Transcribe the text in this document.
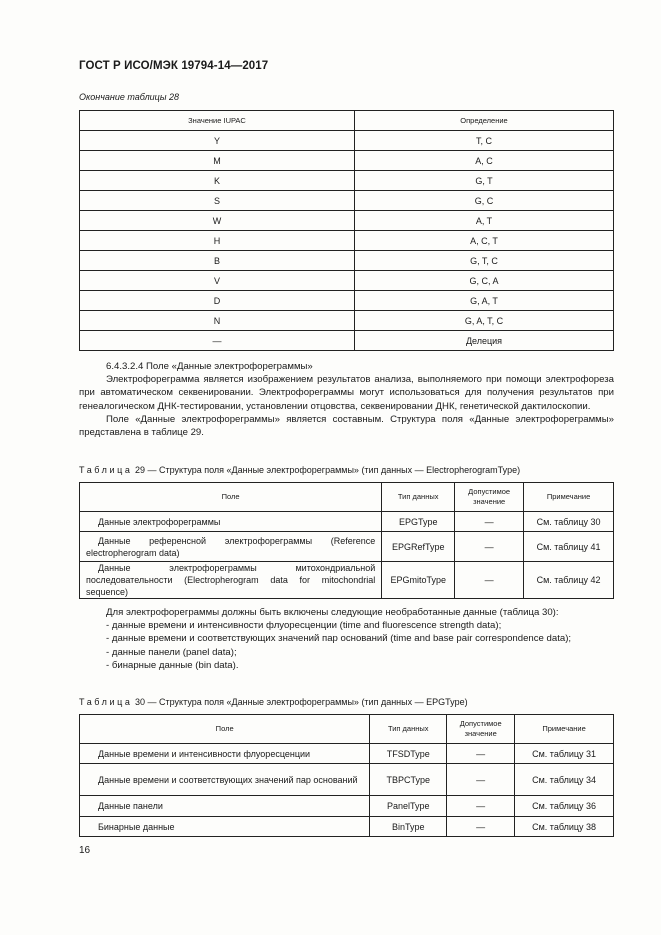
ГОСТ Р ИСО/МЭК 19794-14—2017
Окончание таблицы 28
Значение IUPAC	Определение
Y	T, C
M	A, C
K	G, T
S	G, C
W	A, T
H	A, C, T
B	G, T, C
V	G, C, A
D	G, A, T
N	G, A, T, C
—	Делеция

6.4.3.2.4 Поле «Данные электрофореграммы»

Электрофореграмма является изображением результатов анализа, выполняемого при помощи электрофореза при автоматическом секвенировании. Электрофореграммы могут использоваться для получения результатов при генеалогическом ДНК-тестировании, установлении отцовства, секвенировании ДНК, генетической дактилоскопии.

Поле «Данные электрофореграммы» является составным. Структура поля «Данные электрофореграммы» представлена в таблице 29.

Таблица 29 — Структура поля «Данные электрофореграммы» (тип данных — ElectropherogramType)
Поле	Тип данных	Допустимое значение	Примечание
Данные электрофореграммы	EPGType	—	См. таблицу 30
Данные референсной электрофореграммы (Reference electropherogram data)	EPGRefType	—	См. таблицу 41
Данные электрофореграммы митохондриальной последовательности (Electropherogram data for mitochondrial sequence)	EPGmitoType	—	См. таблицу 42

Для электрофореграммы должны быть включены следующие необработанные данные (таблица 30):

- данные времени и интенсивности флуоресценции (time and fluorescence strength data);

- данные времени и соответствующих значений пар оснований (time and base pair correspondence data);

- данные панели (panel data);

- бинарные данные (bin data).

Таблица 30 — Структура поля «Данные электрофореграммы» (тип данных — EPGType)
Поле	Тип данных	Допустимое значение	Примечание
Данные времени и интенсивности флуоресценции	TFSDType	—	См. таблицу 31
Данные времени и соответствующих значений пар оснований	TBPCType	—	См. таблицу 34
Данные панели	PanelType	—	См. таблицу 36
Бинарные данные	BinType	—	См. таблицу 38
16
